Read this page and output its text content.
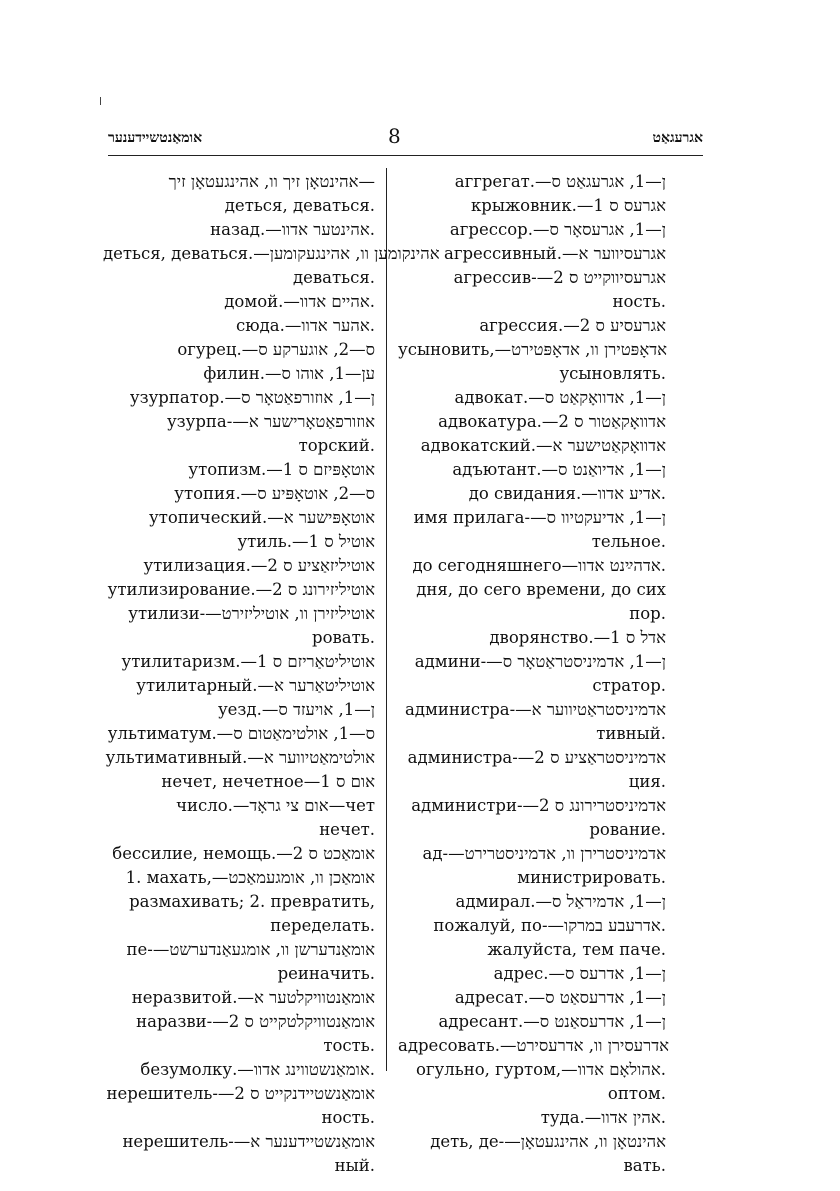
אומאַנטשיידענער	8	אגרעגאַט
אהינטאָן זיך וו, אהינגעטאָן זיך—
деться, деваться.
назад.—אהינטער אדוו.
деться, деваться.—אהינקומען וו, אהינגעקומען
деваться.
домой.—אהיים אדוו.
сюда.—אהער אדוו.
огурец.—ס—2, אוגערקע ס
филин.—ען—1, אוהו ס
узурпатор.—ן—1, אוזורפאַטאָר ס
узурпа-—אוזורפאַטאָרישער א
торский.
утопизм.—1 אוטאָפּיזם ס
утопия.—ס—2, אוטאָפּיע ס
утопический.—אוטאָפּישער א
утиль.—1 אוטיל ס
утилизация.—2 אוטיליזאַציע ס
утилизирование.—2 אוטיליזירונג ס
утилизи-—אוטיליזירן וו, אוטיליזירט
ровать.
утилитаризм.—1 אוטיליטאַריזם ס
утилитарный.—אוטיליטאַרער א
уезд.—ן—1, אויעזד ס
ультиматум.—ס—1, אולטימאַטום ס
ультимативный.—אולטימאַטיווער א
нечет, нечетное—1 אום ס
число.—אום צי גראָד—чет
нечет.
бессилие, немощь.—2 אומאַכט ס
1. махать,—אומאַכן וו, אומגעמאַכט
размахивать; 2. превратить,
переделать.
пе-—אומאַנדערשן וו, אומגעאַנדערשט
реиначить.
неразвитой.—אומאַנטוויקלטער א
наразви-—2 אומאַנטוויקלטקייט ס
тость.
безумолку.—אומאַנשטווינג אדוו.
нерешитель-—2 אומאַנשטיידנקייט ס
ность.
нерешитель-—אומאַנשטיידענער א
ный.
aггрегат.—ן—1, אגרעגאַט ס
крыжовник.—1 אגרעס ס
агрессор.—ן—1, אגרעסאָר ס
агрессивный.—אגרעסיווער א
агрессив-—2 אגרעסיווקייט ס
ность.
агрессия.—2 אגרעסיע ס
усыновить,—אדאָפּטירן וו, אדאָפּטירט
усыновлять.
адвокат.—ן—1, אדוואָקאַט ס
адвокатура.—2 אדוואָקאַטור ס
адвокатский.—אדוואָקאַטישער א
адъютант.—ן—1, אדיואַנט ס
до свидания.—אדיע אדוו.
имя прилага-—ן—1, אדיעקטיוו ס
тельное.
до сегодняшнего—אדהײַנט אדוו.
дня, до сего времени, до сих
пор.
дворянство.—1 אדל ס
админи-—ן—1, אדמיניסטראַטאָר ס
стратор.
администра-—אדמיניסטראַטיווער א
тивный.
администра-—2 אדמיניסטראַציע ס
ция.
администри-—2 אדמיניסטרירונג ס
рование.
ад-—אדמיניסטרירן וו, אדמיניסטרירט
министрировать.
адмирал.—ן—1, אדמיראַל ס
пожалуй, по-—אדרעבע במרקו.
жалуйста, тем паче.
адрес.—ן—1, אדרעס ס
адресат.—ן—1, אדרעסאַט ס
адресант.—ן—1, אדרעסאַנט ס
адресовать.—אדרעסירן וו, אדרעסירט
огульно, гуртом,—אהולאָם אדוו.
оптом.
туда.—אהין אדוו.
деть, де-—אהינטאָן וו, אהינגעטאָן
вать.
